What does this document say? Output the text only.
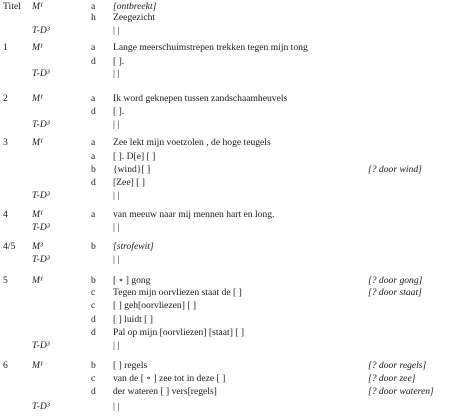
Titel M¹	a [ontbreekt]
h Zeegezicht
T-D³	| |
1	M¹	a Lange meerschuimstrepen trekken tegen mijn tong
d [ ].
T-D³	| |
2	M¹	a Ik word geknepen tussen zandschaamheuvels
d [ ].
T-D³	| |
3	M¹	a Zee lekt mijn voetzolen , de hoge teugels
a [ ]. D[e] [ ]
b {wind}[ ]	[? door wind]
d [Zee] [ ]
T-D³	| |
4	M¹	a van meeuw naar mij mennen hart en long.
T-D³	| |
4/5 M³	b [strofewit]
T-D³	| |
5	M¹	b [ ∘ ] gong	[? door gong]
c Tegen mijn oorvliezen staat de [ ]	[? door staat]
c [ ] geh[oorvliezen] [ ]
d [ ] luidt [ ]
d Pal op mijn [oorvliezen] [staat] [ ]
T-D³	| |
6	M¹	b [ ] regels	[? door regels]
c van de [ ∘ ] zee tot in deze [ ]	[? door zee]
d der wateren [ ] vers[regels]	[? door wateren]
T-D³	| |
